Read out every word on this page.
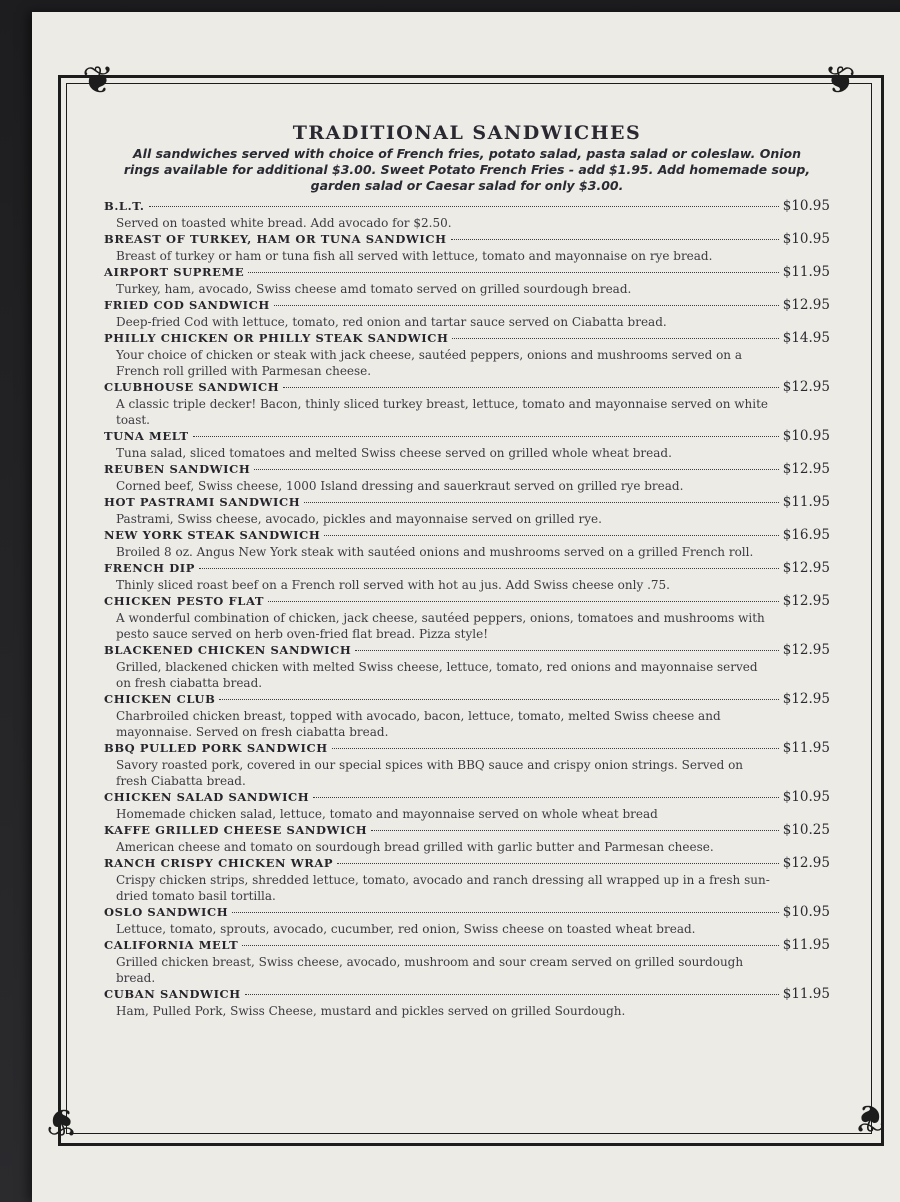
❦	❦
❦	❦
TRADITIONAL SANDWICHES
All sandwiches served with choice of French fries, potato salad, pasta salad or coleslaw. Onion rings available for additional $3.00. Sweet Potato French Fries - add $1.95. Add homemade soup, garden salad or Caesar salad for only $3.00.
B.L.T.	$10.95
Served on toasted white bread. Add avocado for $2.50.
BREAST OF TURKEY, HAM OR TUNA SANDWICH	$10.95
Breast of turkey or ham or tuna fish all served with lettuce, tomato and mayonnaise on rye bread.
AIRPORT SUPREME	$11.95
Turkey, ham, avocado, Swiss cheese amd tomato served on grilled sourdough bread.
FRIED COD SANDWICH	$12.95
Deep-fried Cod with lettuce, tomato, red onion and tartar sauce served on Ciabatta bread.
PHILLY CHICKEN OR PHILLY STEAK SANDWICH	$14.95
Your choice of chicken or steak with jack cheese, sautéed peppers, onions and mushrooms served on a French roll grilled with Parmesan cheese.
CLUBHOUSE SANDWICH	$12.95
A classic triple decker! Bacon, thinly sliced turkey breast, lettuce, tomato and mayonnaise served on white toast.
TUNA MELT	$10.95
Tuna salad, sliced tomatoes and melted Swiss cheese served on grilled whole wheat bread.
REUBEN SANDWICH	$12.95
Corned beef, Swiss cheese, 1000 Island dressing and sauerkraut served on grilled rye bread.
HOT PASTRAMI SANDWICH	$11.95
Pastrami, Swiss cheese, avocado, pickles and mayonnaise served on grilled rye.
NEW YORK STEAK SANDWICH	$16.95
Broiled 8 oz. Angus New York steak with sautéed onions and mushrooms served on a grilled French roll.
FRENCH DIP	$12.95
Thinly sliced roast beef on a French roll served with hot au jus. Add Swiss cheese only .75.
CHICKEN PESTO FLAT	$12.95
A wonderful combination of chicken, jack cheese, sautéed peppers, onions, tomatoes and mushrooms with pesto sauce served on herb oven-fried flat bread. Pizza style!
BLACKENED CHICKEN SANDWICH	$12.95
Grilled, blackened chicken with melted Swiss cheese, lettuce, tomato, red onions and mayonnaise served on fresh ciabatta bread.
CHICKEN CLUB	$12.95
Charbroiled chicken breast, topped with avocado, bacon, lettuce, tomato, melted Swiss cheese and mayonnaise. Served on fresh ciabatta bread.
BBQ PULLED PORK SANDWICH	$11.95
Savory roasted pork, covered in our special spices with BBQ sauce and crispy onion strings. Served on fresh Ciabatta bread.
CHICKEN SALAD SANDWICH	$10.95
Homemade chicken salad, lettuce, tomato and mayonnaise served on whole wheat bread
KAFFE GRILLED CHEESE SANDWICH	$10.25
American cheese and tomato on sourdough bread grilled with garlic butter and Parmesan cheese.
RANCH CRISPY CHICKEN WRAP	$12.95
Crispy chicken strips, shredded lettuce, tomato, avocado and ranch dressing all wrapped up in a fresh sun-dried tomato basil tortilla.
OSLO SANDWICH	$10.95
Lettuce, tomato, sprouts, avocado, cucumber, red onion, Swiss cheese on toasted wheat bread.
CALIFORNIA MELT	$11.95
Grilled chicken breast, Swiss cheese, avocado, mushroom and sour cream served on grilled sourdough bread.
CUBAN SANDWICH	$11.95
Ham, Pulled Pork, Swiss Cheese, mustard and pickles served on grilled Sourdough.
